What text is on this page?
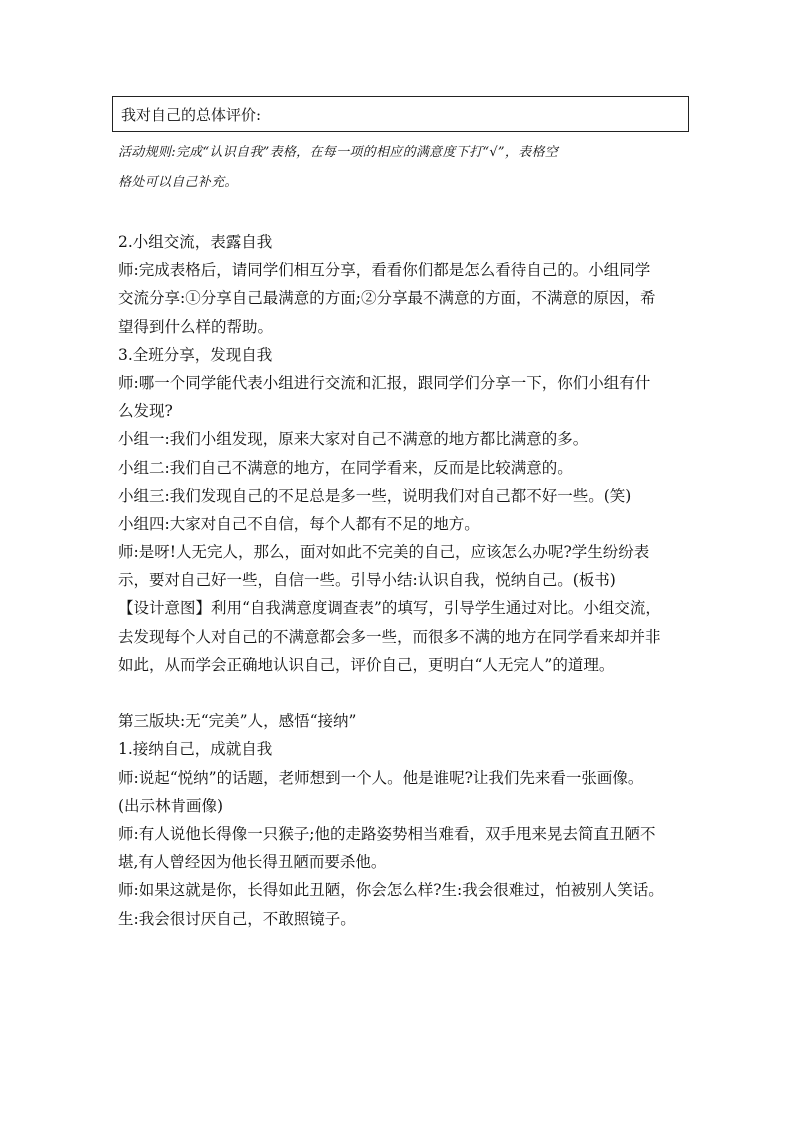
我对自己的总体评价:
活动规则:完成“认识自我”表格，在每一项的相应的满意度下打“√”，表格空
格处可以自己补充。
2.小组交流，表露自我
师:完成表格后，请同学们相互分享，看看你们都是怎么看待自己的。小组同学
交流分享:①分享自己最满意的方面;②分享最不满意的方面，不满意的原因，希
望得到什么样的帮助。
3.全班分享，发现自我
师:哪一个同学能代表小组进行交流和汇报，跟同学们分享一下，你们小组有什
么发现?
小组一:我们小组发现，原来大家对自己不满意的地方都比满意的多。
小组二:我们自己不满意的地方，在同学看来，反而是比较满意的。
小组三:我们发现自己的不足总是多一些，说明我们对自己都不好一些。(笑)
小组四:大家对自己不自信，每个人都有不足的地方。
师:是呀!人无完人，那么，面对如此不完美的自己，应该怎么办呢?学生纷纷表
示，要对自己好一些，自信一些。引导小结:认识自我，悦纳自己。(板书)
【设计意图】利用“自我满意度调查表”的填写，引导学生通过对比。小组交流，
去发现每个人对自己的不满意都会多一些，而很多不满的地方在同学看来却并非
如此，从而学会正确地认识自己，评价自己，更明白“人无完人”的道理。
第三版块:无“完美”人，感悟“接纳”
1.接纳自己，成就自我
师:说起“悦纳”的话题，老师想到一个人。他是谁呢?让我们先来看一张画像。
(出示林肯画像)
师:有人说他长得像一只猴子;他的走路姿势相当难看，双手甩来晃去简直丑陋不
堪,有人曾经因为他长得丑陋而要杀他。
师:如果这就是你，长得如此丑陋，你会怎么样?生:我会很难过，怕被别人笑话。
生:我会很讨厌自己，不敢照镜子。
